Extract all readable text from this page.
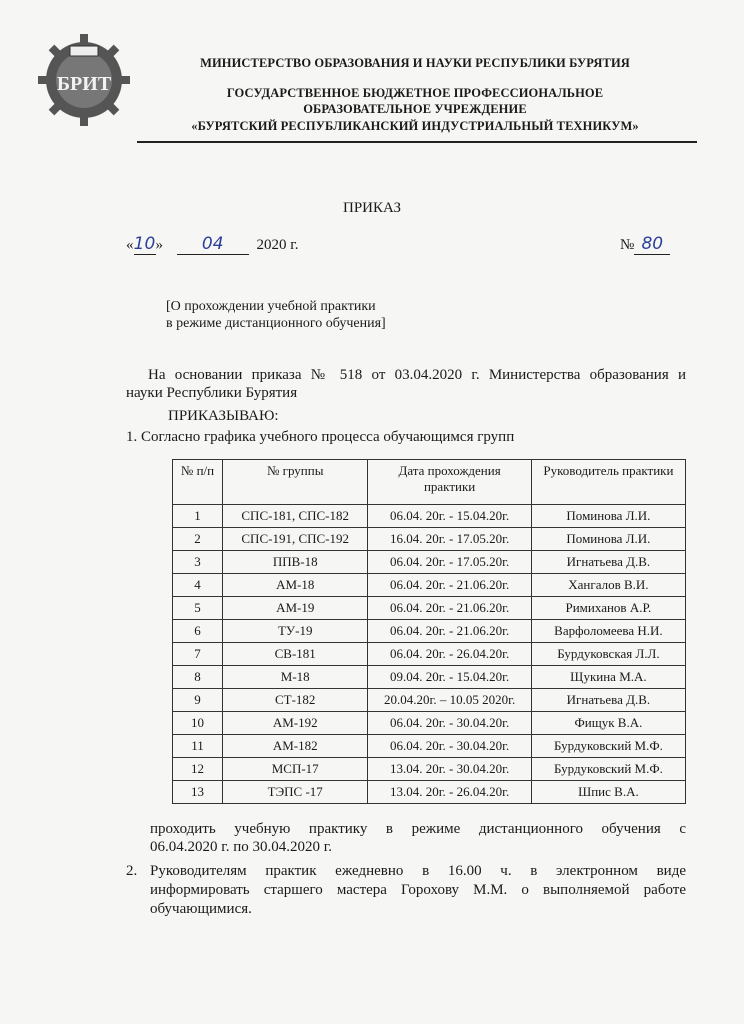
БРИТ
МИНИСТЕРСТВО ОБРАЗОВАНИЯ И НАУКИ РЕСПУБЛИКИ БУРЯТИЯ
ГОСУДАРСТВЕННОЕ БЮДЖЕТНОЕ ПРОФЕССИОНАЛЬНОЕ
ОБРАЗОВАТЕЛЬНОЕ УЧРЕЖДЕНИЕ
«БУРЯТСКИЙ РЕСПУБЛИКАНСКИЙ ИНДУСТРИАЛЬНЫЙ ТЕХНИКУМ»
ПРИКАЗ
«10» 04 2020 г.	№ 80
[О прохождении учебной практики
в режиме дистанционного обучения]
На основании приказа № 518 от 03.04.2020 г. Министерства образования и
науки Республики Бурятия
ПРИКАЗЫВАЮ:
1. Согласно графика учебного процесса обучающимся групп
№ п/п	№ группы	Дата прохождения практики	Руководитель практики
1	СПС-181, СПС-182	06.04. 20г. - 15.04.20г.	Поминова Л.И.
2	СПС-191, СПС-192	16.04. 20г. - 17.05.20г.	Поминова Л.И.
3	ППВ-18	06.04. 20г. - 17.05.20г.	Игнатьева Д.В.
4	АМ-18	06.04. 20г. - 21.06.20г.	Хангалов В.И.
5	АМ-19	06.04. 20г. - 21.06.20г.	Римиханов А.Р.
6	ТУ-19	06.04. 20г. - 21.06.20г.	Варфоломеева Н.И.
7	СВ-181	06.04. 20г. - 26.04.20г.	Бурдуковская Л.Л.
8	М-18	09.04. 20г. - 15.04.20г.	Щукина М.А.
9	СТ-182	20.04.20г. – 10.05 2020г.	Игнатьева Д.В.
10	АМ-192	06.04. 20г. - 30.04.20г.	Фищук В.А.
11	АМ-182	06.04. 20г. - 30.04.20г.	Бурдуковский М.Ф.
12	МСП-17	13.04. 20г. - 30.04.20г.	Бурдуковский М.Ф.
13	ТЭПС -17	13.04. 20г. - 26.04.20г.	Шпис В.А.
проходить учебную практику в режиме дистанционного обучения с
06.04.2020 г. по 30.04.2020 г.
2. Руководителям практик ежедневно в 16.00 ч. в электронном виде
информировать старшего мастера Горохову М.М. о выполняемой работе
обучающимися.
